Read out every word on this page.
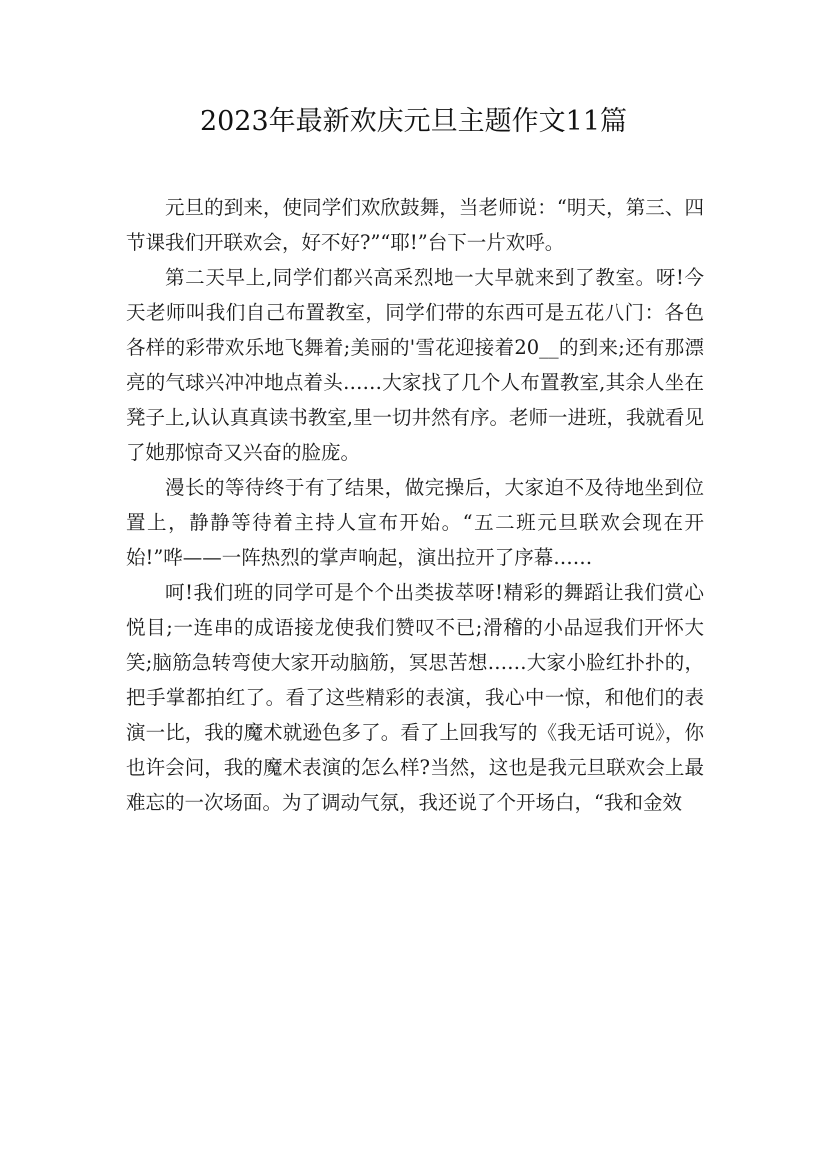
2023年最新欢庆元旦主题作文11篇

元旦的到来，使同学们欢欣鼓舞，当老师说：“明天，第三、四节课我们开联欢会，好不好?”“耶!”台下一片欢呼。

第二天早上,同学们都兴高采烈地一大早就来到了教室。呀!今天老师叫我们自己布置教室，同学们带的东西可是五花八门：各色各样的彩带欢乐地飞舞着;美丽的'雪花迎接着20__的到来;还有那漂亮的气球兴冲冲地点着头……大家找了几个人布置教室,其余人坐在凳子上,认认真真读书教室,里一切井然有序。老师一进班，我就看见了她那惊奇又兴奋的脸庞。

漫长的等待终于有了结果，做完操后，大家迫不及待地坐到位置上，静静等待着主持人宣布开始。“五二班元旦联欢会现在开始!”哗——一阵热烈的掌声响起，演出拉开了序幕……

呵!我们班的同学可是个个出类拔萃呀!精彩的舞蹈让我们赏心悦目;一连串的成语接龙使我们赞叹不已;滑稽的小品逗我们开怀大笑;脑筋急转弯使大家开动脑筋，冥思苦想……大家小脸红扑扑的，把手掌都拍红了。看了这些精彩的表演，我心中一惊，和他们的表演一比，我的魔术就逊色多了。看了上回我写的《我无话可说》，你也许会问，我的魔术表演的怎么样?当然，这也是我元旦联欢会上最难忘的一次场面。为了调动气氛，我还说了个开场白，“我和金效
